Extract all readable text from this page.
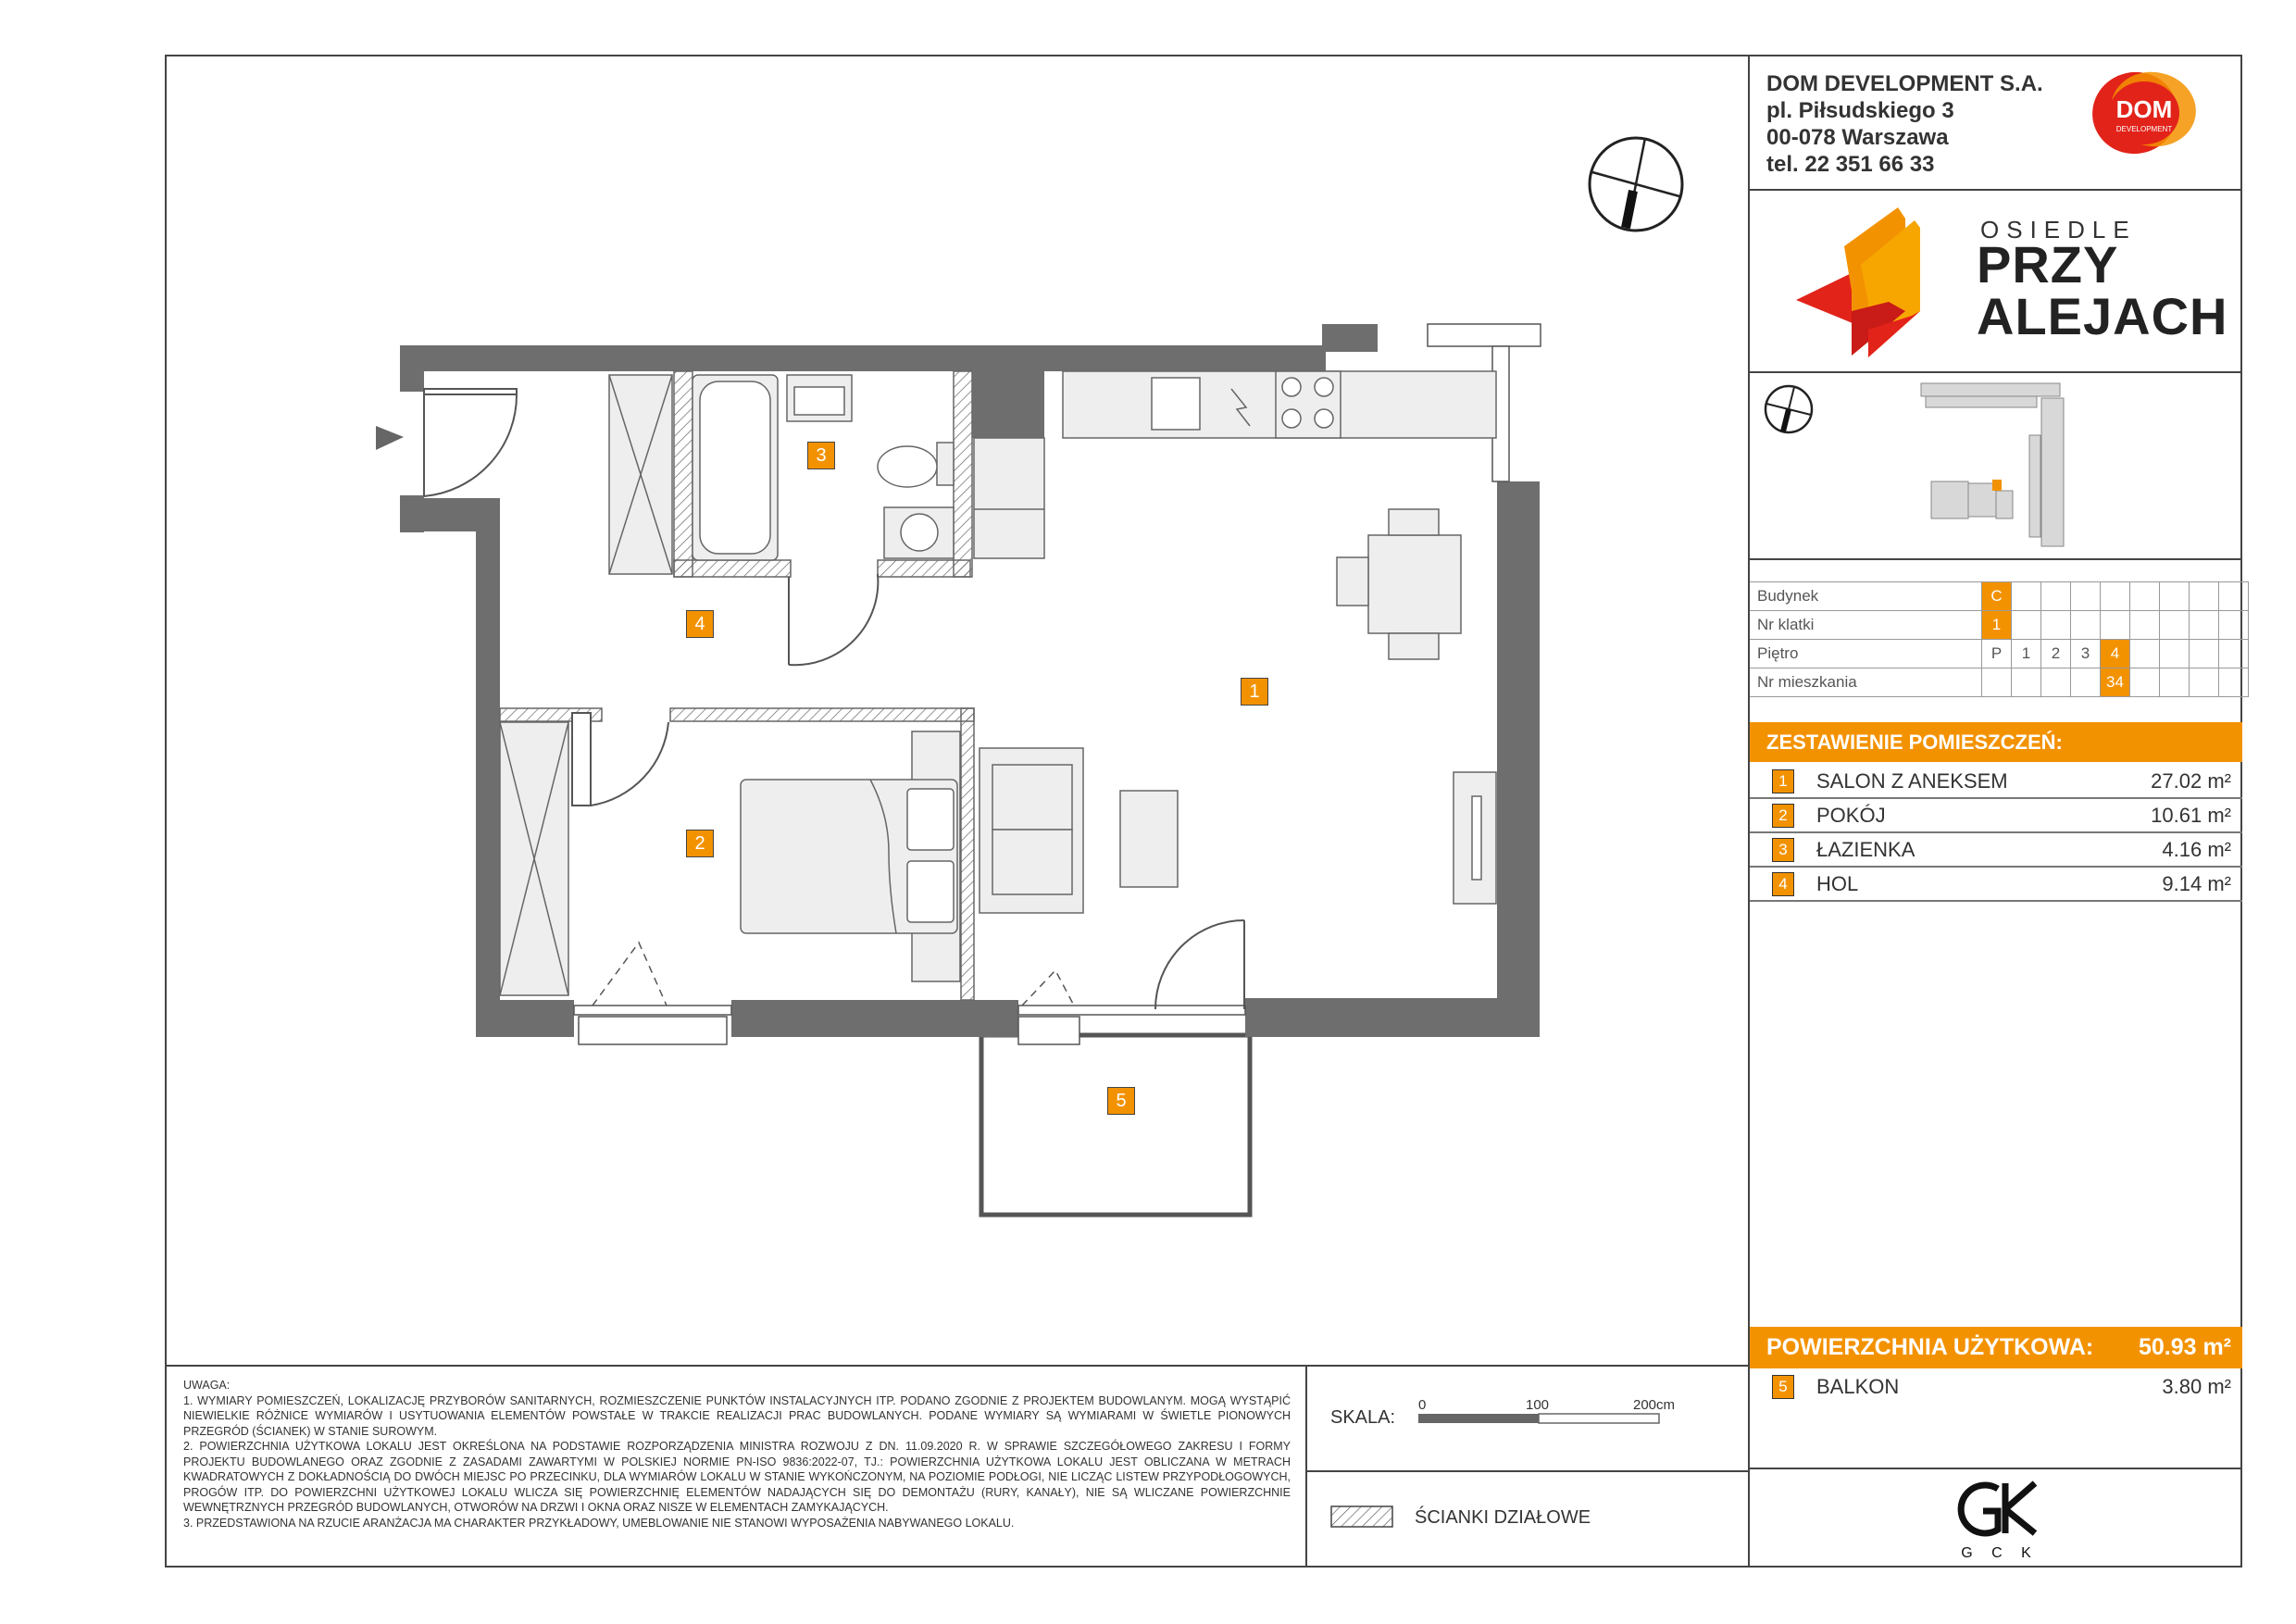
DOM DEVELOPMENT S.A.
pl. Piłsudskiego 3
00-078 Warszawa
tel. 22 351 66 33
DOM
DEVELOPMENT
OSIEDLE
PRZY
ALEJACH
Budynek	C								
Nr klatki	1								
Piętro	P	1	2	3	4				
Nr mieszkania					34				
ZESTAWIENIE POMIESZCZEŃ:
1	SALON Z ANEKSEM	27.02 m²
2	POKÓJ	10.61 m²
3	ŁAZIENKA	4.16 m²
4	HOL	9.14 m²
POWIERZCHNIA UŻYTKOWA: 50.93 m²
5	BALKON	3.80 m²
G C K
UWAGA:
1. WYMIARY POMIESZCZEŃ, LOKALIZACJĘ PRZYBORÓW SANITARNYCH, ROZMIESZCZENIE PUNKTÓW INSTALACYJNYCH ITP. PODANO ZGODNIE Z PROJEKTEM BUDOWLANYM. MOGĄ WYSTĄPIĆ NIEWIELKIE RÓŻNICE WYMIARÓW I USYTUOWANIA ELEMENTÓW POWSTAŁE W TRAKCIE REALIZACJI PRAC BUDOWLANYCH. PODANE WYMIARY SĄ WYMIARAMI W ŚWIETLE PIONOWYCH PRZEGRÓD (ŚCIANEK) W STANIE SUROWYM.
2. POWIERZCHNIA UŻYTKOWA LOKALU JEST OKREŚLONA NA PODSTAWIE ROZPORZĄDZENIA MINISTRA ROZWOJU Z DN. 11.09.2020 R. W SPRAWIE SZCZEGÓŁOWEGO ZAKRESU I FORMY PROJEKTU BUDOWLANEGO ORAZ ZGODNIE Z ZASADAMI ZAWARTYMI W POLSKIEJ NORMIE PN-ISO 9836:2022-07, TJ.: POWIERZCHNIA UŻYTKOWA LOKALU JEST OBLICZANA W METRACH KWADRATOWYCH Z DOKŁADNOŚCIĄ DO DWÓCH MIEJSC PO PRZECINKU, DLA WYMIARÓW LOKALU W STANIE WYKOŃCZONYM, NA POZIOMIE PODŁOGI, NIE LICZĄC LISTEW PRZYPODŁOGOWYCH, PROGÓW ITP. DO POWIERZCHNI UŻYTKOWEJ LOKALU WLICZA SIĘ POWIERZCHNIĘ ELEMENTÓW NADAJĄCYCH SIĘ DO DEMONTAŻU (RURY, KANAŁY), NIE SĄ WLICZANE POWIERZCHNIE WEWNĘTRZNYCH PRZEGRÓD BUDOWLANYCH, OTWORÓW NA DRZWI I OKNA ORAZ NISZE W ELEMENTACH ZAMYKAJĄCYCH.
3. PRZEDSTAWIONA NA RZUCIE ARANŻACJA MA CHARAKTER PRZYKŁADOWY, UMEBLOWANIE NIE STANOWI WYPOSAŻENIA NABYWANEGO LOKALU.
SKALA:
0	100	200cm
ŚCIANKI DZIAŁOWE
1
2
3
4
5
